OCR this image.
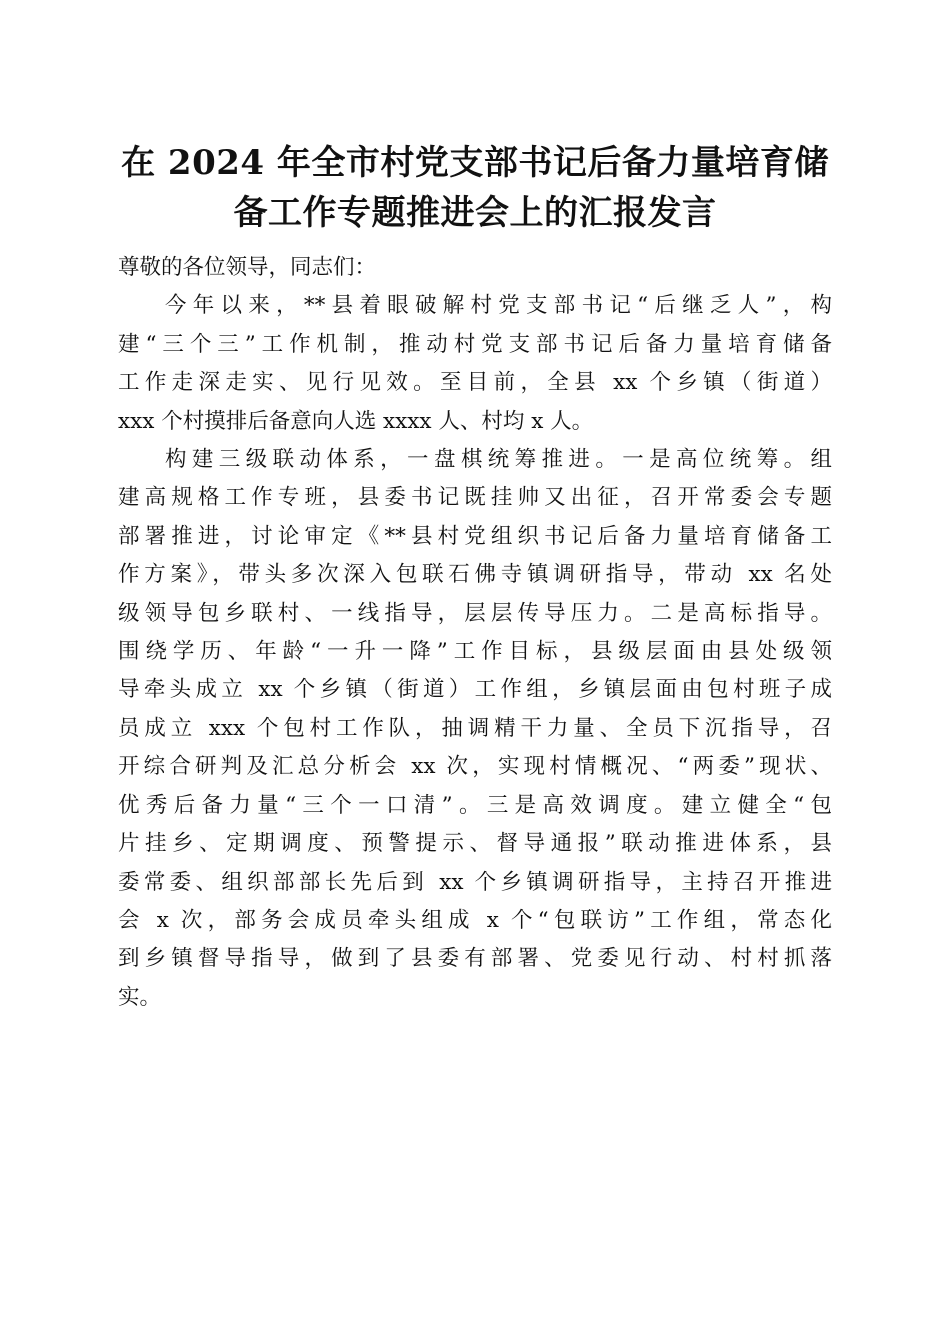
在 2024 年全市村党支部书记后备力量培育储
备工作专题推进会上的汇报发言
尊敬的各位领导，同志们：
今年以来，**县着眼破解村党支部书记“后继乏人”，构
建“三个三”工作机制，推动村党支部书记后备力量培育储备
工作走深走实、见行见效。至目前，全县 xx 个乡镇（街道）
xxx 个村摸排后备意向人选 xxxx 人、村均 x 人。
构建三级联动体系，一盘棋统筹推进。一是高位统筹。组
建高规格工作专班，县委书记既挂帅又出征，召开常委会专题
部署推进，讨论审定《**县村党组织书记后备力量培育储备工
作方案》，带头多次深入包联石佛寺镇调研指导，带动 xx 名处
级领导包乡联村、一线指导，层层传导压力。二是高标指导。
围绕学历、年龄“一升一降”工作目标，县级层面由县处级领
导牵头成立 xx 个乡镇（街道）工作组，乡镇层面由包村班子成
员成立 xxx 个包村工作队，抽调精干力量、全员下沉指导，召
开综合研判及汇总分析会 xx 次，实现村情概况、“两委”现状、
优秀后备力量“三个一口清”。三是高效调度。建立健全“包
片挂乡、定期调度、预警提示、督导通报”联动推进体系，县
委常委、组织部部长先后到 xx 个乡镇调研指导，主持召开推进
会 x 次，部务会成员牵头组成 x 个“包联访”工作组，常态化
到乡镇督导指导，做到了县委有部署、党委见行动、村村抓落
实。
